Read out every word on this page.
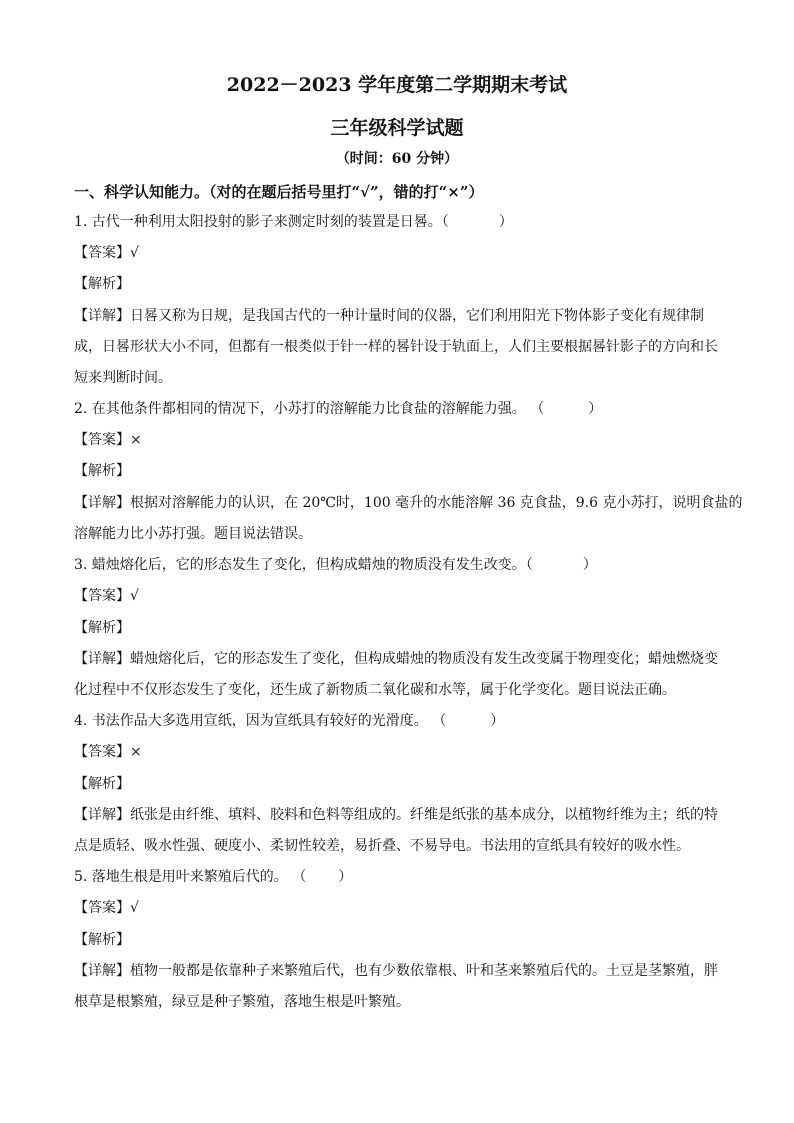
2022－2023 学年度第二学期期末考试
三年级科学试题
（时间：60 分钟）
一、科学认知能力。（对的在题后括号里打“√”，错的打“×”）
1. 古代一种利用太阳投射的影子来测定时刻的装置是日晷。（	）
【答案】√
【解析】
【详解】日晷又称为日规，是我国古代的一种计量时间的仪器，它们利用阳光下物体影子变化有规律制
成，日晷形状大小不同，但都有一根类似于针一样的晷针设于轨面上，人们主要根据晷针影子的方向和长
短来判断时间。
2. 在其他条件都相同的情况下，小苏打的溶解能力比食盐的溶解能力强。 （	）
【答案】×
【解析】
【详解】根据对溶解能力的认识，在 20℃时，100 毫升的水能溶解 36 克食盐，9.6 克小苏打，说明食盐的
溶解能力比小苏打强。题目说法错误。
3. 蜡烛熔化后，它的形态发生了变化，但构成蜡烛的物质没有发生改变。（	）
【答案】√
【解析】
【详解】蜡烛熔化后，它的形态发生了变化，但构成蜡烛的物质没有发生改变属于物理变化；蜡烛燃烧变
化过程中不仅形态发生了变化，还生成了新物质二氧化碳和水等，属于化学变化。题目说法正确。
4. 书法作品大多选用宣纸，因为宣纸具有较好的光滑度。 （	）
【答案】×
【解析】
【详解】纸张是由纤维、填料、胶料和色料等组成的。纤维是纸张的基本成分，以植物纤维为主；纸的特
点是质轻、吸水性强、硬度小、柔韧性较差，易折叠、不易导电。书法用的宣纸具有较好的吸水性。
5. 落地生根是用叶来繁殖后代的。 （ ）
【答案】√
【解析】
【详解】植物一般都是依靠种子来繁殖后代，也有少数依靠根、叶和茎来繁殖后代的。土豆是茎繁殖，胖
根草是根繁殖，绿豆是种子繁殖，落地生根是叶繁殖。
